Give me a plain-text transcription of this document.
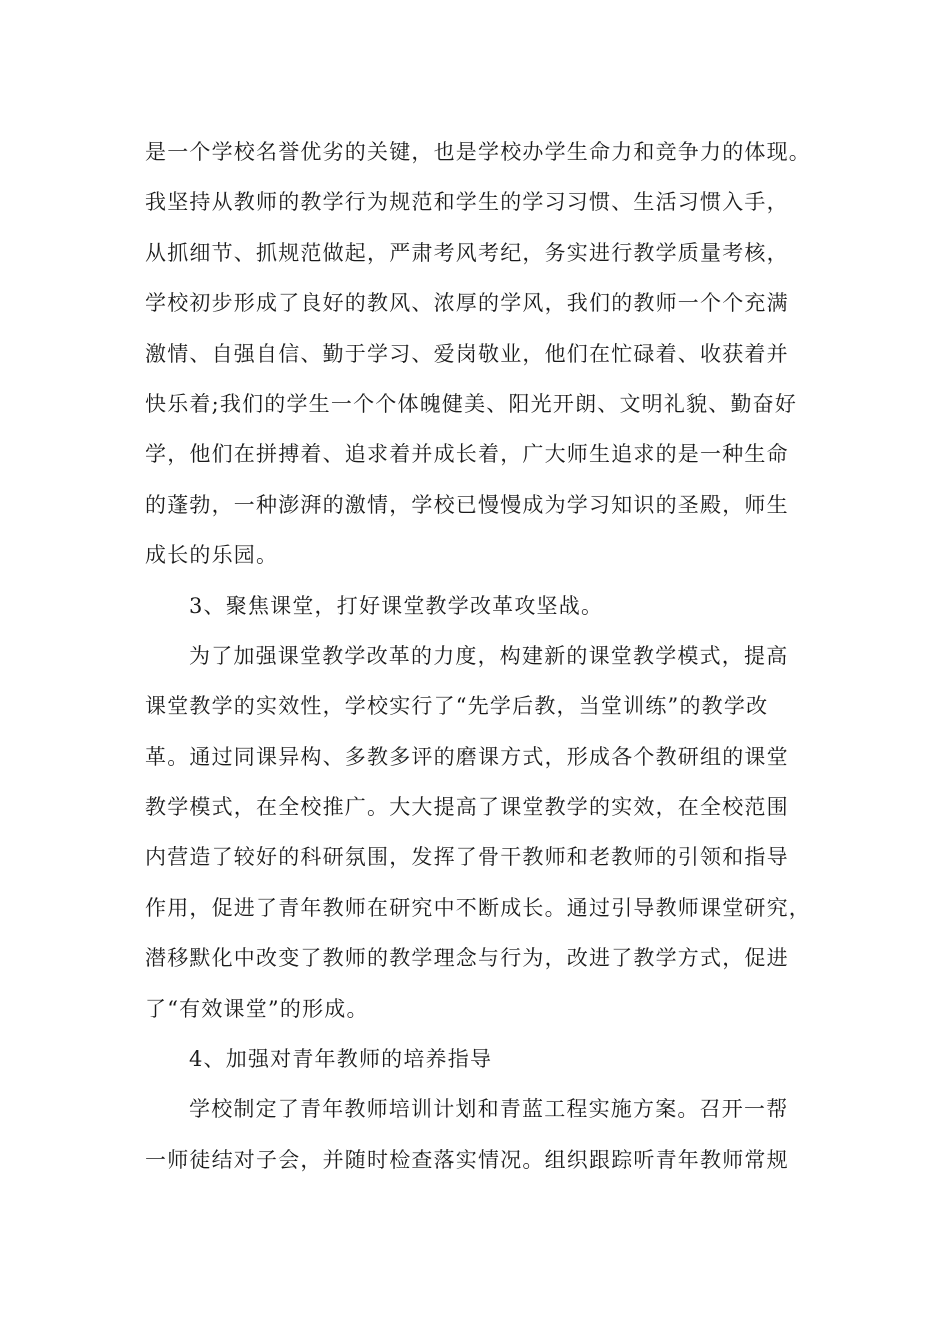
是一个学校名誉优劣的关键，也是学校办学生命力和竞争力的体现。
我坚持从教师的教学行为规范和学生的学习习惯、生活习惯入手，
从抓细节、抓规范做起，严肃考风考纪，务实进行教学质量考核，
学校初步形成了良好的教风、浓厚的学风，我们的教师一个个充满
激情、自强自信、勤于学习、爱岗敬业，他们在忙碌着、收获着并
快乐着;我们的学生一个个体魄健美、阳光开朗、文明礼貌、勤奋好
学，他们在拼搏着、追求着并成长着，广大师生追求的是一种生命
的蓬勃，一种澎湃的激情，学校已慢慢成为学习知识的圣殿，师生
成长的乐园。
3、聚焦课堂，打好课堂教学改革攻坚战。
为了加强课堂教学改革的力度，构建新的课堂教学模式，提高
课堂教学的实效性，学校实行了“先学后教，当堂训练”的教学改
革。通过同课异构、多教多评的磨课方式，形成各个教研组的课堂
教学模式，在全校推广。大大提高了课堂教学的实效，在全校范围
内营造了较好的科研氛围，发挥了骨干教师和老教师的引领和指导
作用，促进了青年教师在研究中不断成长。通过引导教师课堂研究，
潜移默化中改变了教师的教学理念与行为，改进了教学方式，促进
了“有效课堂”的形成。
4、加强对青年教师的培养指导
学校制定了青年教师培训计划和青蓝工程实施方案。召开一帮
一师徒结对子会，并随时检查落实情况。组织跟踪听青年教师常规
